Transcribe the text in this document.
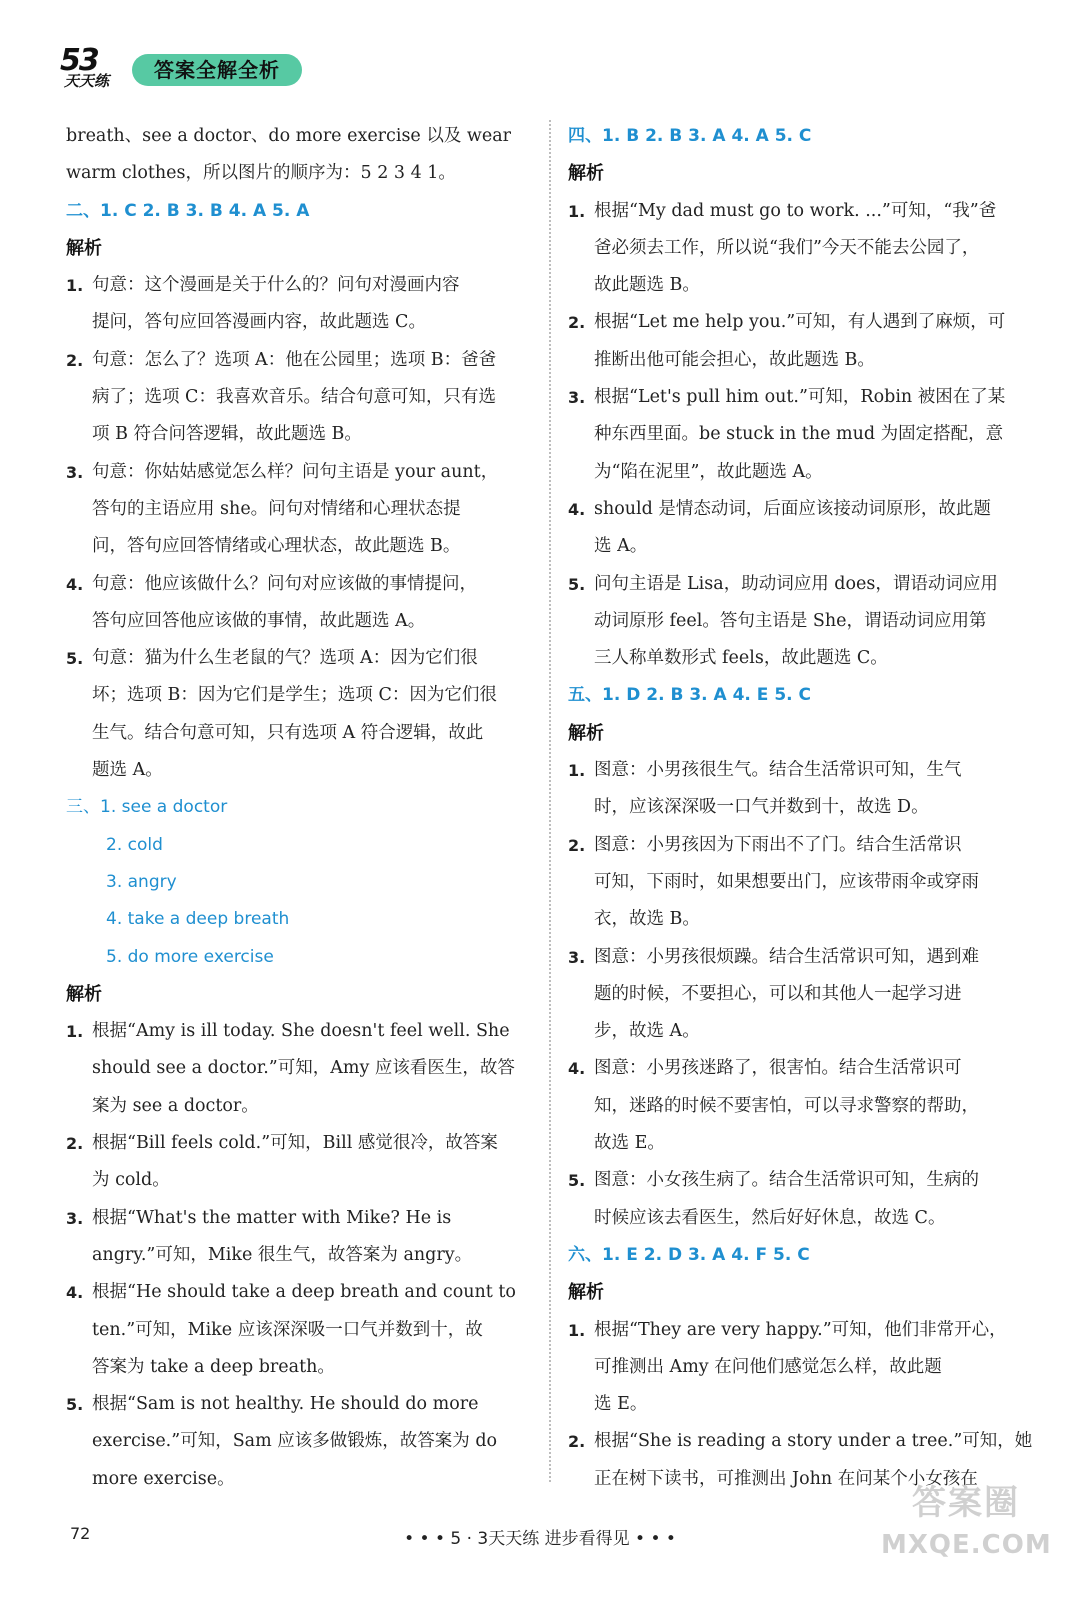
53
天天练	答案全解全析

breath、see a doctor、do more exercise 以及 wear

warm clothes，所以图片的顺序为：5 2 3 4 1。

二、1. C 2. B 3. B 4. A 5. A

解析

1. 句意：这个漫画是关于什么的？问句对漫画内容
提问，答句应回答漫画内容，故此题选 C。
2. 句意：怎么了？选项 A：他在公园里；选项 B：爸爸
病了；选项 C：我喜欢音乐。结合句意可知，只有选
项 B 符合问答逻辑，故此题选 B。
3. 句意：你姑姑感觉怎么样？问句主语是 your aunt，
答句的主语应用 she。问句对情绪和心理状态提
问，答句应回答情绪或心理状态，故此题选 B。
4. 句意：他应该做什么？问句对应该做的事情提问，
答句应回答他应该做的事情，故此题选 A。
5. 句意：猫为什么生老鼠的气？选项 A：因为它们很
坏；选项 B：因为它们是学生；选项 C：因为它们很
生气。结合句意可知，只有选项 A 符合逻辑，故此
题选 A。

三、1. see a doctor

2. cold

3. angry

4. take a deep breath

5. do more exercise

解析

1. 根据“Amy is ill today. She doesn't feel well. She
should see a doctor.”可知，Amy 应该看医生，故答
案为 see a doctor。
2. 根据“Bill feels cold.”可知，Bill 感觉很冷，故答案
为 cold。
3. 根据“What's the matter with Mike? He is
angry.”可知，Mike 很生气，故答案为 angry。
4. 根据“He should take a deep breath and count to
ten.”可知，Mike 应该深深吸一口气并数到十，故
答案为 take a deep breath。
5. 根据“Sam is not healthy. He should do more
exercise.”可知，Sam 应该多做锻炼，故答案为 do
more exercise。

四、1. B 2. B 3. A 4. A 5. C

解析

1. 根据“My dad must go to work. ...”可知，“我”爸
爸必须去工作，所以说“我们”今天不能去公园了，
故此题选 B。
2. 根据“Let me help you.”可知，有人遇到了麻烦，可
推断出他可能会担心，故此题选 B。
3. 根据“Let's pull him out.”可知，Robin 被困在了某
种东西里面。be stuck in the mud 为固定搭配，意
为“陷在泥里”，故此题选 A。
4. should 是情态动词，后面应该接动词原形，故此题
选 A。
5. 问句主语是 Lisa，助动词应用 does，谓语动词应用
动词原形 feel。答句主语是 She，谓语动词应用第
三人称单数形式 feels，故此题选 C。

五、1. D 2. B 3. A 4. E 5. C

解析

1. 图意：小男孩很生气。结合生活常识可知，生气
时，应该深深吸一口气并数到十，故选 D。
2. 图意：小男孩因为下雨出不了门。结合生活常识
可知，下雨时，如果想要出门，应该带雨伞或穿雨
衣，故选 B。
3. 图意：小男孩很烦躁。结合生活常识可知，遇到难
题的时候，不要担心，可以和其他人一起学习进
步，故选 A。
4. 图意：小男孩迷路了，很害怕。结合生活常识可
知，迷路的时候不要害怕，可以寻求警察的帮助，
故选 E。
5. 图意：小女孩生病了。结合生活常识可知，生病的
时候应该去看医生，然后好好休息，故选 C。

六、1. E 2. D 3. A 4. F 5. C

解析

1. 根据“They are very happy.”可知，他们非常开心，
可推测出 Amy 在问他们感觉怎么样，故此题
选 E。
2. 根据“She is reading a story under a tree.”可知，她
正在树下读书，可推测出 John 在问某个小女孩在
72	• • • 5 · 3天天练 进步看得见 • • •
答案圈
MXQE.COM
